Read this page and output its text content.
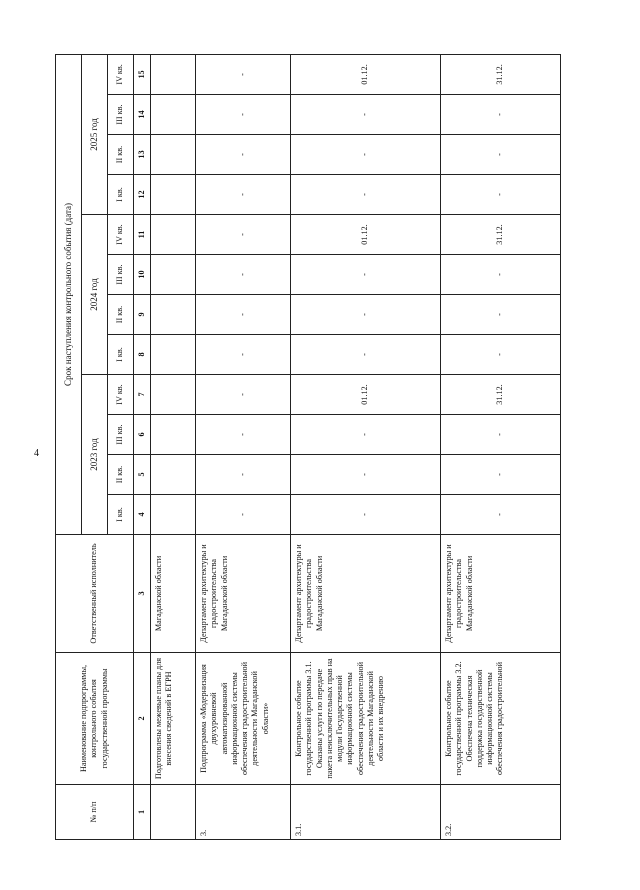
4
№ п/п	Наименование подпрограммы, контрольного события государственной программы	Ответственный исполнитель	Срок наступления контрольного события (дата)											
			2023 год				2024 год				2025 год			
			I кв.	II кв.	III кв.	IV кв.	I кв.	II кв.	III кв.	IV кв.	I кв.	II кв.	III кв.	IV кв.
1	2	3	4	5	6	7	8	9	10	11	12	13	14	15
	Подготовлены межевые планы для внесения сведений в ЕГРН	Магаданской области												
3.	Подпрограмма «Модернизация двухуровневой автоматизированной информационной системы обеспечения градостроительной деятельности Магаданской области»	Департамент архитектуры и градостроительства Магаданской области	-	-	-	-	-	-	-	-	-	-	-	-
3.1.	Контрольное событие государственной программы 3.1. Оказаны услуги по передаче пакета неисключительных прав на модули Государственной информационной системы обеспечения градостроительной деятельности Магаданской области и их внедрению	Департамент архитектуры и градостроительства Магаданской области	-	-	-	01.12.	-	-	-	01.12.	-	-	-	01.12.
3.2.	Контрольное событие государственной программы 3.2. Обеспечена техническая поддержка государственной информационной системы обеспечения градостроительной	Департамент архитектуры и градостроительства Магаданской области	-	-	-	31.12.	-	-	-	31.12.	-	-	-	31.12.
